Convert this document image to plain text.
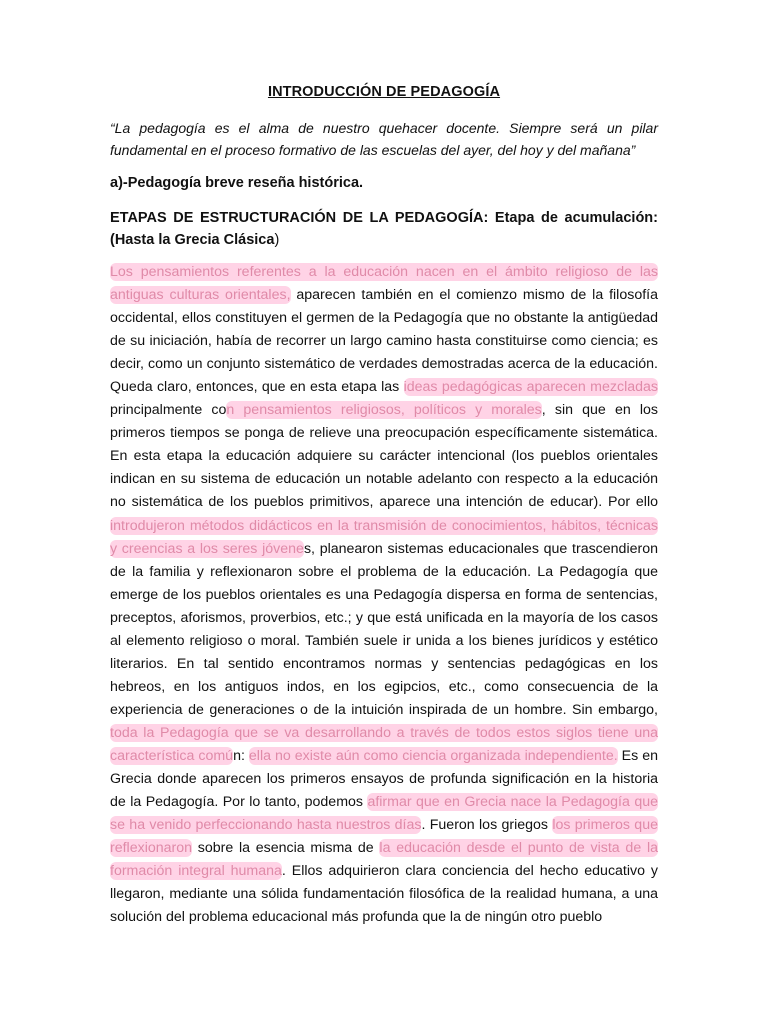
INTRODUCCIÓN DE PEDAGOGÍA
“La pedagogía es el alma de nuestro quehacer docente. Siempre será un pilar fundamental en el proceso formativo de las escuelas del ayer, del hoy y del mañana”
a)-Pedagogía breve reseña histórica.
ETAPAS DE ESTRUCTURACIÓN DE LA PEDAGOGÍA: Etapa de acumulación: (Hasta la Grecia Clásica)
Los pensamientos referentes a la educación nacen en el ámbito religioso de las antiguas culturas orientales, aparecen también en el comienzo mismo de la filosofía occidental, ellos constituyen el germen de la Pedagogía que no obstante la antigüedad de su iniciación, había de recorrer un largo camino hasta constituirse como ciencia; es decir, como un conjunto sistemático de verdades demostradas acerca de la educación. Queda claro, entonces, que en esta etapa las ideas pedagógicas aparecen mezcladas principalmente con pensamientos religiosos, políticos y morales, sin que en los primeros tiempos se ponga de relieve una preocupación específicamente sistemática. En esta etapa la educación adquiere su carácter intencional (los pueblos orientales indican en su sistema de educación un notable adelanto con respecto a la educación no sistemática de los pueblos primitivos, aparece una intención de educar). Por ello introdujeron métodos didácticos en la transmisión de conocimientos, hábitos, técnicas y creencias a los seres jóvenes, planearon sistemas educacionales que trascendieron de la familia y reflexionaron sobre el problema de la educación. La Pedagogía que emerge de los pueblos orientales es una Pedagogía dispersa en forma de sentencias, preceptos, aforismos, proverbios, etc.; y que está unificada en la mayoría de los casos al elemento religioso o moral. También suele ir unida a los bienes jurídicos y estético literarios. En tal sentido encontramos normas y sentencias pedagógicas en los hebreos, en los antiguos indos, en los egipcios, etc., como consecuencia de la experiencia de generaciones o de la intuición inspirada de un hombre. Sin embargo, toda la Pedagogía que se va desarrollando a través de todos estos siglos tiene una característica común: ella no existe aún como ciencia organizada independiente. Es en Grecia donde aparecen los primeros ensayos de profunda significación en la historia de la Pedagogía. Por lo tanto, podemos afirmar que en Grecia nace la Pedagogía que se ha venido perfeccionando hasta nuestros días. Fueron los griegos los primeros que reflexionaron sobre la esencia misma de la educación desde el punto de vista de la formación integral humana. Ellos adquirieron clara conciencia del hecho educativo y llegaron, mediante una sólida fundamentación filosófica de la realidad humana, a una solución del problema educacional más profunda que la de ningún otro pueblo
